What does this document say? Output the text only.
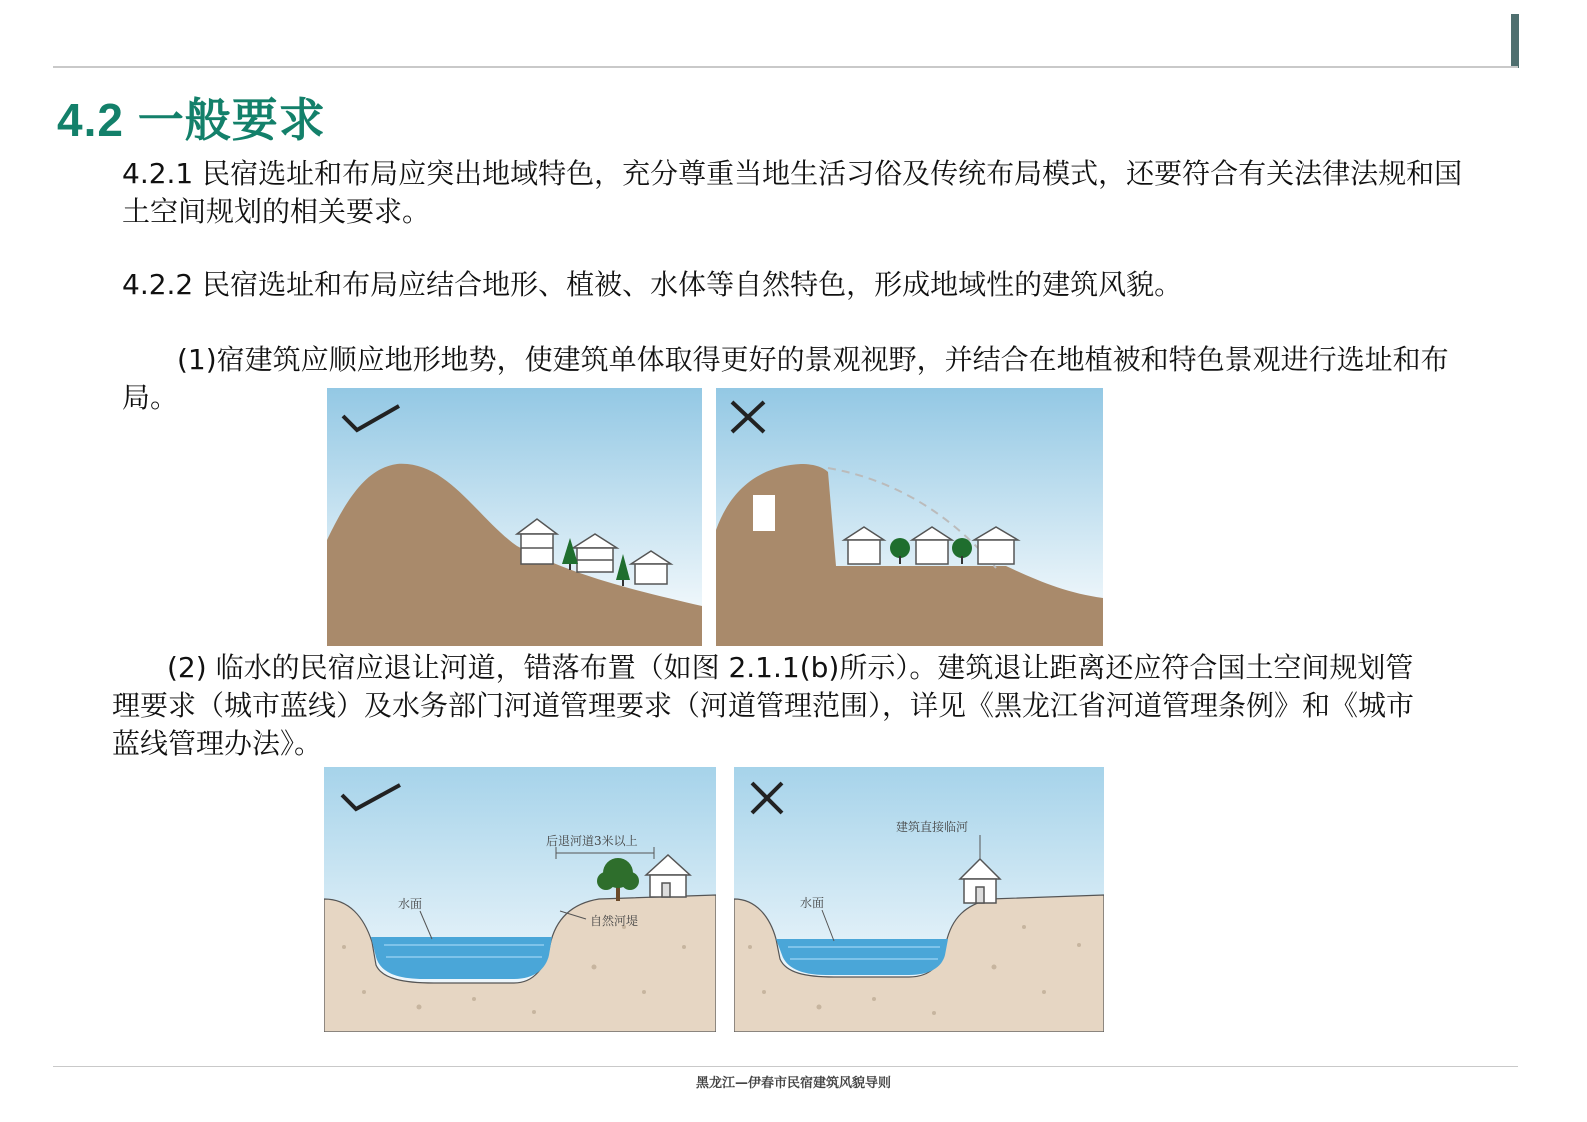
4.2 一般要求

4.2.1 民宿选址和布局应突出地域特色，充分尊重当地生活习俗及传统布局模式，还要符合有关法律法规和国土空间规划的相关要求。

4.2.2 民宿选址和布局应结合地形、植被、水体等自然特色，形成地域性的建筑风貌。

(1)宿建筑应顺应地形地势，使建筑单体取得更好的景观视野，并结合在地植被和特色景观进行选址和布局。

(2) 临水的民宿应退让河道，错落布置（如图 2.1.1(b)所示）。建筑退让距离还应符合国土空间规划管理要求（城市蓝线）及水务部门河道管理要求（河道管理范围），详见《黑龙江省河道管理条例》和《城市蓝线管理办法》。

后退河道3米以上
水面
自然河堤
建筑直接临河
水面
黑龙江—伊春市民宿建筑风貌导则
